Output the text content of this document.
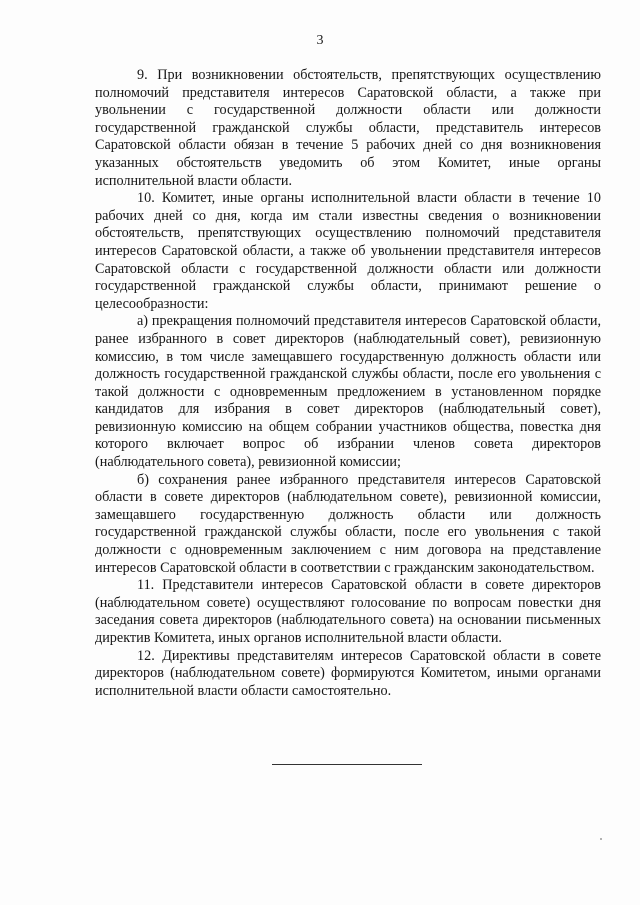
3

9. При возникновении обстоятельств, препятствующих осуществлению полномочий представителя интересов Саратовской области, а также при увольнении с государственной должности области или должности государственной гражданской службы области, представитель интересов Саратовской области обязан в течение 5 рабочих дней со дня возникновения указанных обстоятельств уведомить об этом Комитет, иные органы исполнительной власти области.

10. Комитет, иные органы исполнительной власти области в течение 10 рабочих дней со дня, когда им стали известны сведения о возникновении обстоятельств, препятствующих осуществлению полномочий представителя интересов Саратовской области, а также об увольнении представителя интересов Саратовской области с государственной должности области или должности государственной гражданской службы области, принимают решение о целесообразности:

а) прекращения полномочий представителя интересов Саратовской области, ранее избранного в совет директоров (наблюдательный совет), ревизионную комиссию, в том числе замещавшего государственную должность области или должность государственной гражданской службы области, после его увольнения с такой должности с одновременным предложением в установленном порядке кандидатов для избрания в совет директоров (наблюдательный совет), ревизионную комиссию на общем собрании участников общества, повестка дня которого включает вопрос об избрании членов совета директоров (наблюдательного совета), ревизионной комиссии;

б) сохранения ранее избранного представителя интересов Саратовской области в совете директоров (наблюдательном совете), ревизионной комиссии, замещавшего государственную должность области или должность государственной гражданской службы области, после его увольнения с такой должности с одновременным заключением с ним договора на представление интересов Саратовской области в соответствии с гражданским законодательством.

11. Представители интересов Саратовской области в совете директоров (наблюдательном совете) осуществляют голосование по вопросам повестки дня заседания совета директоров (наблюдательного совета) на основании письменных директив Комитета, иных органов исполнительной власти области.

12. Директивы представителям интересов Саратовской области в совете директоров (наблюдательном совете) формируются Комитетом, иными органами исполнительной власти области самостоятельно.
